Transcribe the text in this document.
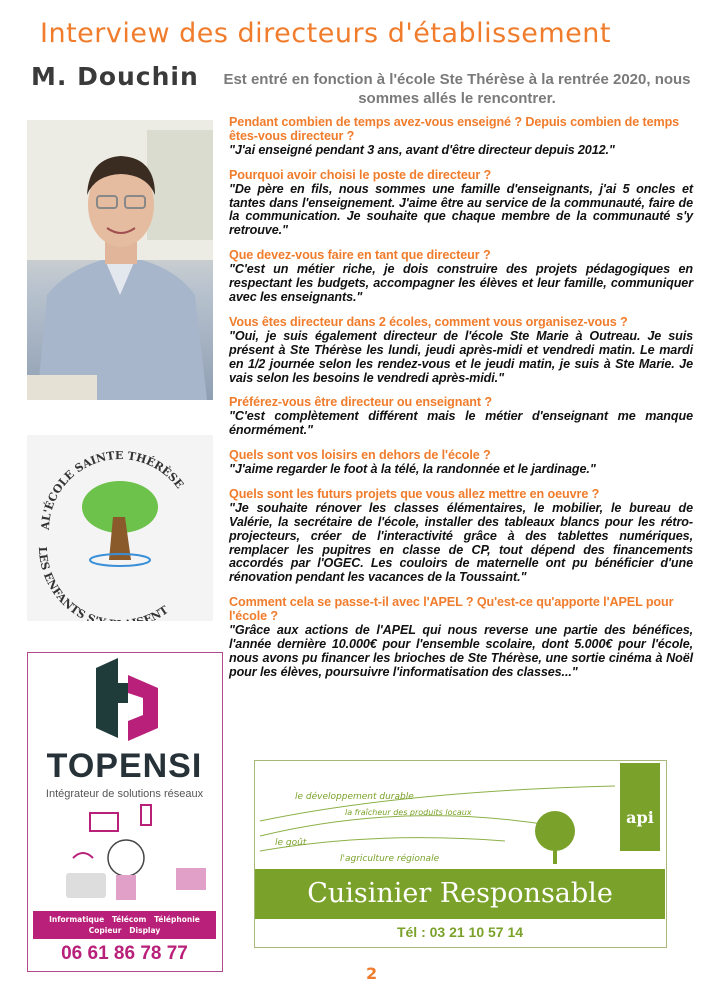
Interview des directeurs d'établissement
M. Douchin Est entré en fonction à l'école Ste Thérèse à la rentrée 2020, nous sommes allés le rencontrer.
AL'ÉCOLE SAINTE THÉRÈSE
LES ENFANTS S' ENT
Pendant combien de temps avez-vous enseigné ? Depuis combien de temps êtes-vous directeur ?
"J'ai enseigné pendant 3 ans, avant d'être directeur depuis 2012."
Pourquoi avoir choisi le poste de directeur ?
"De père en fils, nous sommes une famille d'enseignants, j'ai 5 oncles et tantes dans l'enseignement. J'aime être au service de la communauté, faire de la communication. Je souhaite que chaque membre de la communauté s'y retrouve."
Que devez-vous faire en tant que directeur ?
"C'est un métier riche, je dois construire des projets pédagogiques en respectant les budgets, accompagner les élèves et leur famille, communiquer avec les enseignants."
Vous êtes directeur dans 2 écoles, comment vous organisez-vous ?
"Oui, je suis également directeur de l'école Ste Marie à Outreau. Je suis présent à Ste Thérèse les lundi, jeudi après-midi et vendredi matin. Le mardi en 1/2 journée selon les rendez-vous et le jeudi matin, je suis à Ste Marie. Je vais selon les besoins le vendredi après-midi."
Préférez-vous être directeur ou enseignant ?
"C'est complètement différent mais le métier d'enseignant me manque énormément."
Quels sont vos loisirs en dehors de l'école ?
"J'aime regarder le foot à la télé, la randonnée et le jardinage."
Quels sont les futurs projets que vous allez mettre en oeuvre ?
"Je souhaite rénover les classes élémentaires, le mobilier, le bureau de Valérie, la secrétaire de l'école, installer des tableaux blancs pour les rétro-projecteurs, créer de l'interactivité grâce à des tablettes numériques, remplacer les pupitres en classe de CP, tout dépend des financements accordés par l'OGEC. Les couloirs de maternelle ont pu bénéficier d'une rénovation pendant les vacances de la Toussaint."
Comment cela se passe-t-il avec l'APEL ? Qu'est-ce qu'apporte l'APEL pour l'école ?
"Grâce aux actions de l'APEL qui nous reverse une partie des bénéfices, l'année dernière 10.000€ pour l'ensemble scolaire, dont 5.000€ pour l'école, nous avons pu financer les brioches de Ste Thérèse, une sortie cinéma à Noël pour les élèves, poursuivre l'informatisation des classes..."
TOPENSI
Intégrateur de solutions réseaux
Informatique   Télécom   Téléphonie
Copieur   Display
06 61 86 78 77
le développement durable
la fraîcheur des produits locaux
le goût
l'agriculture régionale
api
Cuisinier Responsable
Tél : 03 21 10 57 14
2
